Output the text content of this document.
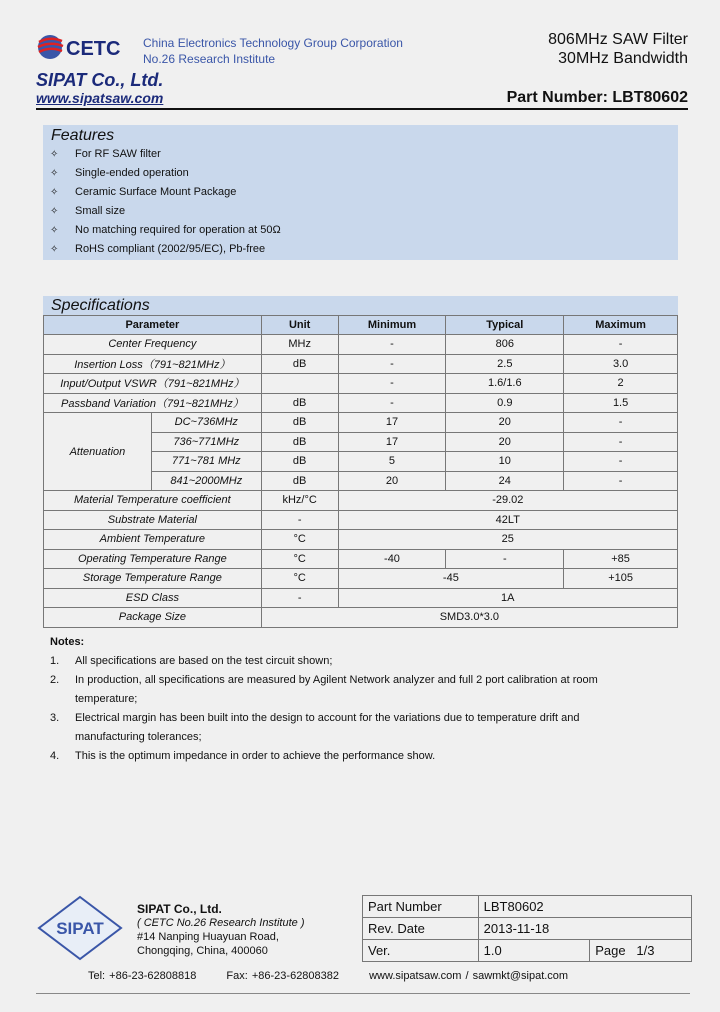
CETC China Electronics Technology Group Corporation
No.26 Research Institute
806MHz SAW Filter
30MHz Bandwidth
SIPAT Co., Ltd.
www.sipatsaw.com	Part Number: LBT80602
Features
✧	For RF SAW filter
✧	Single-ended operation
✧	Ceramic Surface Mount Package
✧	Small size
✧	No matching required for operation at 50Ω
✧	RoHS compliant (2002/95/EC), Pb-free
Specifications
Parameter		Unit	Minimum	Typical	Maximum
Center Frequency		MHz	-	806	-
Insertion Loss（791~821MHz）		dB	-	2.5	3.0
Input/Output VSWR（791~821MHz）			-	1.6/1.6	2
Passband Variation（791~821MHz）		dB	-	0.9	1.5
Attenuation	DC~736MHz	dB	17	20	-
	736~771MHz	dB	17	20	-
	771~781 MHz	dB	5	10	-
	841~2000MHz	dB	20	24	-
Material Temperature coefficient		kHz/°C	-29.02		
Substrate Material		-	42LT		
Ambient Temperature		°C	25		
Operating Temperature Range		°C	-40	-	+85
Storage Temperature Range		°C	-45		+105
ESD Class		-	1A		
Package Size		SMD3.0*3.0			
Notes:
1.	All specifications are based on the test circuit shown;
2.	In production, all specifications are measured by Agilent Network analyzer and full 2 port calibration at room temperature;
3.	Electrical margin has been built into the design to account for the variations due to temperature drift and manufacturing tolerances;
4.	This is the optimum impedance in order to achieve the performance show.
SIPAT
SIPAT Co., Ltd.
( CETC No.26 Research Institute )
#14 Nanping Huayuan Road,
Chongqing, China, 400060
Part Number	LBT80602	
Rev. Date	2013-11-18	
Ver.	1.0	Page 1/3
Tel: +86-23-62808818	Fax: +86-23-62808382	www.sipatsaw.com / sawmkt@sipat.com
